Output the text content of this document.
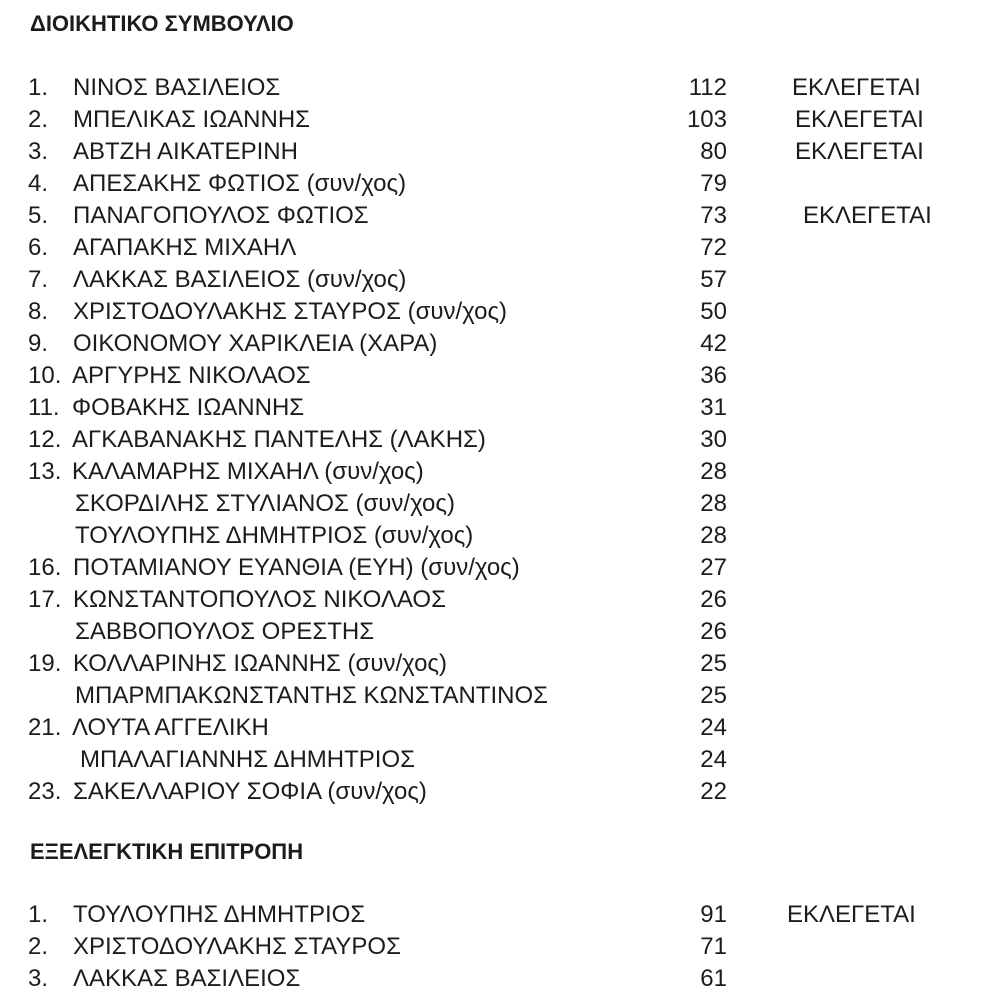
ΔΙΟΙΚΗΤΙΚΟ ΣΥΜΒΟΥΛΙΟ
1. ΝΙΝΟΣ ΒΑΣΙΛΕΙΟΣ	112	ΕΚΛΕΓΕΤΑΙ
2. ΜΠΕΛΙΚΑΣ ΙΩΑΝΝΗΣ	103	ΕΚΛΕΓΕΤΑΙ
3. ΑΒΤΖΗ ΑΙΚΑΤΕΡΙΝΗ	80	ΕΚΛΕΓΕΤΑΙ
4. ΑΠΕΣΑΚΗΣ ΦΩΤΙΟΣ (συν/χος)	79
5. ΠΑΝΑΓΟΠΟΥΛΟΣ ΦΩΤΙΟΣ	73	ΕΚΛΕΓΕΤΑΙ
6. ΑΓΑΠΑΚΗΣ ΜΙΧΑΗΛ	72
7. ΛΑΚΚΑΣ ΒΑΣΙΛΕΙΟΣ (συν/χος)	57
8. ΧΡΙΣΤΟΔΟΥΛΑΚΗΣ ΣΤΑΥΡΟΣ (συν/χος)	50
9. ΟΙΚΟΝΟΜΟΥ ΧΑΡΙΚΛΕΙΑ (ΧΑΡΑ)	42
10. ΑΡΓΥΡΗΣ ΝΙΚΟΛΑΟΣ	36
11. ΦΟΒΑΚΗΣ ΙΩΑΝΝΗΣ	31
12. ΑΓΚΑΒΑΝΑΚΗΣ ΠΑΝΤΕΛΗΣ (ΛΑΚΗΣ)	30
13. ΚΑΛΑΜΑΡΗΣ ΜΙΧΑΗΛ (συν/χος)	28
ΣΚΟΡΔΙΛΗΣ ΣΤΥΛΙΑΝΟΣ (συν/χος)	28
ΤΟΥΛΟΥΠΗΣ ΔΗΜΗΤΡΙΟΣ (συν/χος)	28
16. ΠΟΤΑΜΙΑΝΟΥ ΕΥΑΝΘΙΑ (ΕΥΗ) (συν/χος)	27
17. ΚΩΝΣΤΑΝΤΟΠΟΥΛΟΣ ΝΙΚΟΛΑΟΣ	26
ΣΑΒΒΟΠΟΥΛΟΣ ΟΡΕΣΤΗΣ	26
19. ΚΟΛΛΑΡΙΝΗΣ ΙΩΑΝΝΗΣ (συν/χος)	25
ΜΠΑΡΜΠΑΚΩΝΣΤΑΝΤΗΣ ΚΩΝΣΤΑΝΤΙΝΟΣ	25
21. ΛΟΥΤΑ ΑΓΓΕΛΙΚΗ	24
ΜΠΑΛΑΓΙΑΝΝΗΣ ΔΗΜΗΤΡΙΟΣ	24
23. ΣΑΚΕΛΛΑΡΙΟΥ ΣΟΦΙΑ (συν/χος)	22
ΕΞΕΛΕΓΚΤΙΚΗ ΕΠΙΤΡΟΠΗ
1. ΤΟΥΛΟΥΠΗΣ ΔΗΜΗΤΡΙΟΣ	91	ΕΚΛΕΓΕΤΑΙ
2. ΧΡΙΣΤΟΔΟΥΛΑΚΗΣ ΣΤΑΥΡΟΣ	71
3. ΛΑΚΚΑΣ ΒΑΣΙΛΕΙΟΣ	61
